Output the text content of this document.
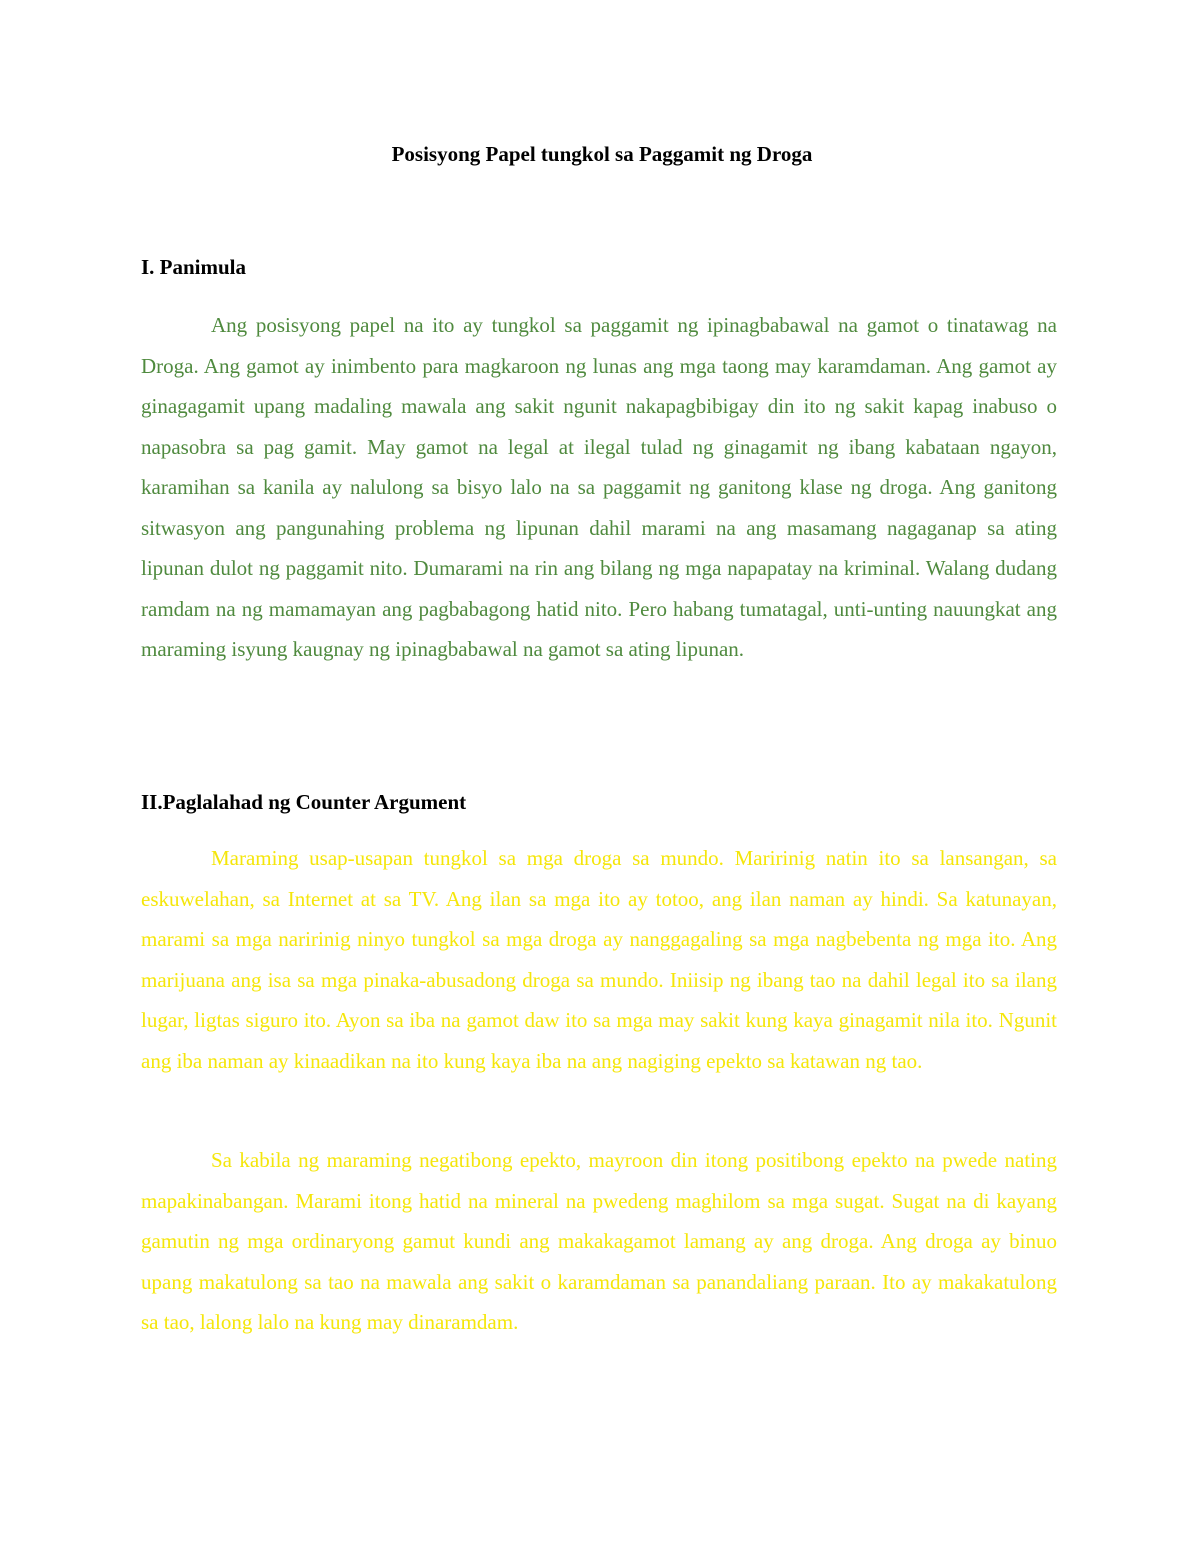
Posisyong Papel tungkol sa Paggamit ng Droga
I. Panimula

Ang posisyong papel na ito ay tungkol sa paggamit ng ipinagbabawal na gamot o tinatawag na Droga. Ang gamot ay inimbento para magkaroon ng lunas ang mga taong may karamdaman. Ang gamot ay ginagagamit upang madaling mawala ang sakit ngunit nakapagbibigay din ito ng sakit kapag inabuso o napasobra sa pag gamit. May gamot na legal at ilegal tulad ng ginagamit ng ibang kabataan ngayon, karamihan sa kanila ay nalulong sa bisyo lalo na sa paggamit ng ganitong klase ng droga. Ang ganitong sitwasyon ang pangunahing problema ng lipunan dahil marami na ang masamang nagaganap sa ating lipunan dulot ng paggamit nito. Dumarami na rin ang bilang ng mga napapatay na kriminal. Walang dudang ramdam na ng mamamayan ang pagbabagong hatid nito. Pero habang tumatagal, unti-unting nauungkat ang maraming isyung kaugnay ng ipinagbabawal na gamot sa ating lipunan.

II.Paglalahad ng Counter Argument

Maraming usap-usapan tungkol sa mga droga sa mundo. Maririnig natin ito sa lansangan, sa eskuwelahan, sa Internet at sa TV. Ang ilan sa mga ito ay totoo, ang ilan naman ay hindi. Sa katunayan, marami sa mga naririnig ninyo tungkol sa mga droga ay nanggagaling sa mga nagbebenta ng mga ito. Ang marijuana ang isa sa mga pinaka-abusadong droga sa mundo. Iniisip ng ibang tao na dahil legal ito sa ilang lugar, ligtas siguro ito. Ayon sa iba na gamot daw ito sa mga may sakit kung kaya ginagamit nila ito. Ngunit ang iba naman ay kinaadikan na ito kung kaya iba na ang nagiging epekto sa katawan ng tao.

Sa kabila ng maraming negatibong epekto, mayroon din itong positibong epekto na pwede nating mapakinabangan. Marami itong hatid na mineral na pwedeng maghilom sa mga sugat. Sugat na di kayang gamutin ng mga ordinaryong gamut kundi ang makakagamot lamang ay ang droga. Ang droga ay binuo upang makatulong sa tao na mawala ang sakit o karamdaman sa panandaliang paraan. Ito ay makakatulong sa tao, lalong lalo na kung may dinaramdam.
